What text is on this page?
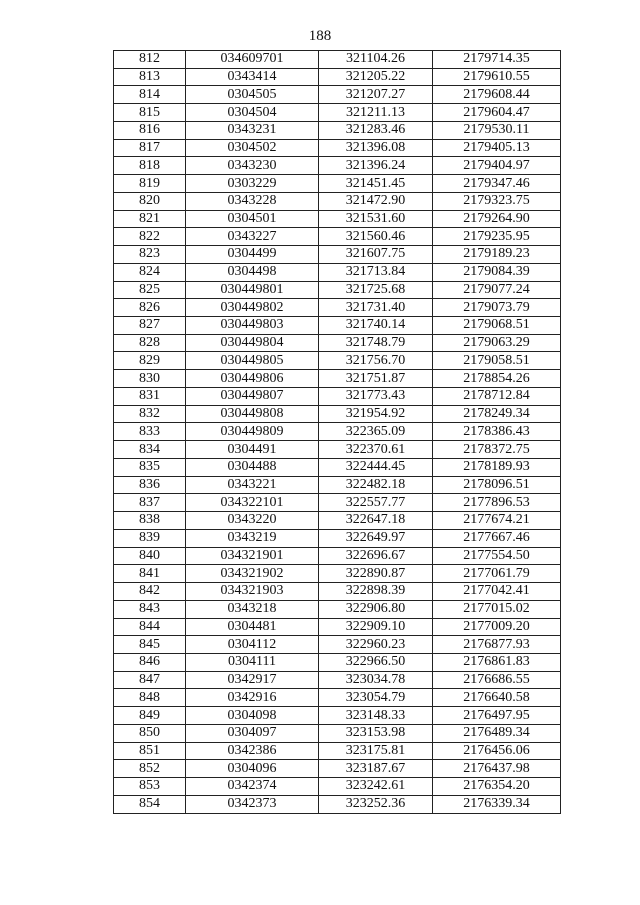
188
812	034609701	321104.26	2179714.35
813	0343414	321205.22	2179610.55
814	0304505	321207.27	2179608.44
815	0304504	321211.13	2179604.47
816	0343231	321283.46	2179530.11
817	0304502	321396.08	2179405.13
818	0343230	321396.24	2179404.97
819	0303229	321451.45	2179347.46
820	0343228	321472.90	2179323.75
821	0304501	321531.60	2179264.90
822	0343227	321560.46	2179235.95
823	0304499	321607.75	2179189.23
824	0304498	321713.84	2179084.39
825	030449801	321725.68	2179077.24
826	030449802	321731.40	2179073.79
827	030449803	321740.14	2179068.51
828	030449804	321748.79	2179063.29
829	030449805	321756.70	2179058.51
830	030449806	321751.87	2178854.26
831	030449807	321773.43	2178712.84
832	030449808	321954.92	2178249.34
833	030449809	322365.09	2178386.43
834	0304491	322370.61	2178372.75
835	0304488	322444.45	2178189.93
836	0343221	322482.18	2178096.51
837	034322101	322557.77	2177896.53
838	0343220	322647.18	2177674.21
839	0343219	322649.97	2177667.46
840	034321901	322696.67	2177554.50
841	034321902	322890.87	2177061.79
842	034321903	322898.39	2177042.41
843	0343218	322906.80	2177015.02
844	0304481	322909.10	2177009.20
845	0304112	322960.23	2176877.93
846	0304111	322966.50	2176861.83
847	0342917	323034.78	2176686.55
848	0342916	323054.79	2176640.58
849	0304098	323148.33	2176497.95
850	0304097	323153.98	2176489.34
851	0342386	323175.81	2176456.06
852	0304096	323187.67	2176437.98
853	0342374	323242.61	2176354.20
854	0342373	323252.36	2176339.34
